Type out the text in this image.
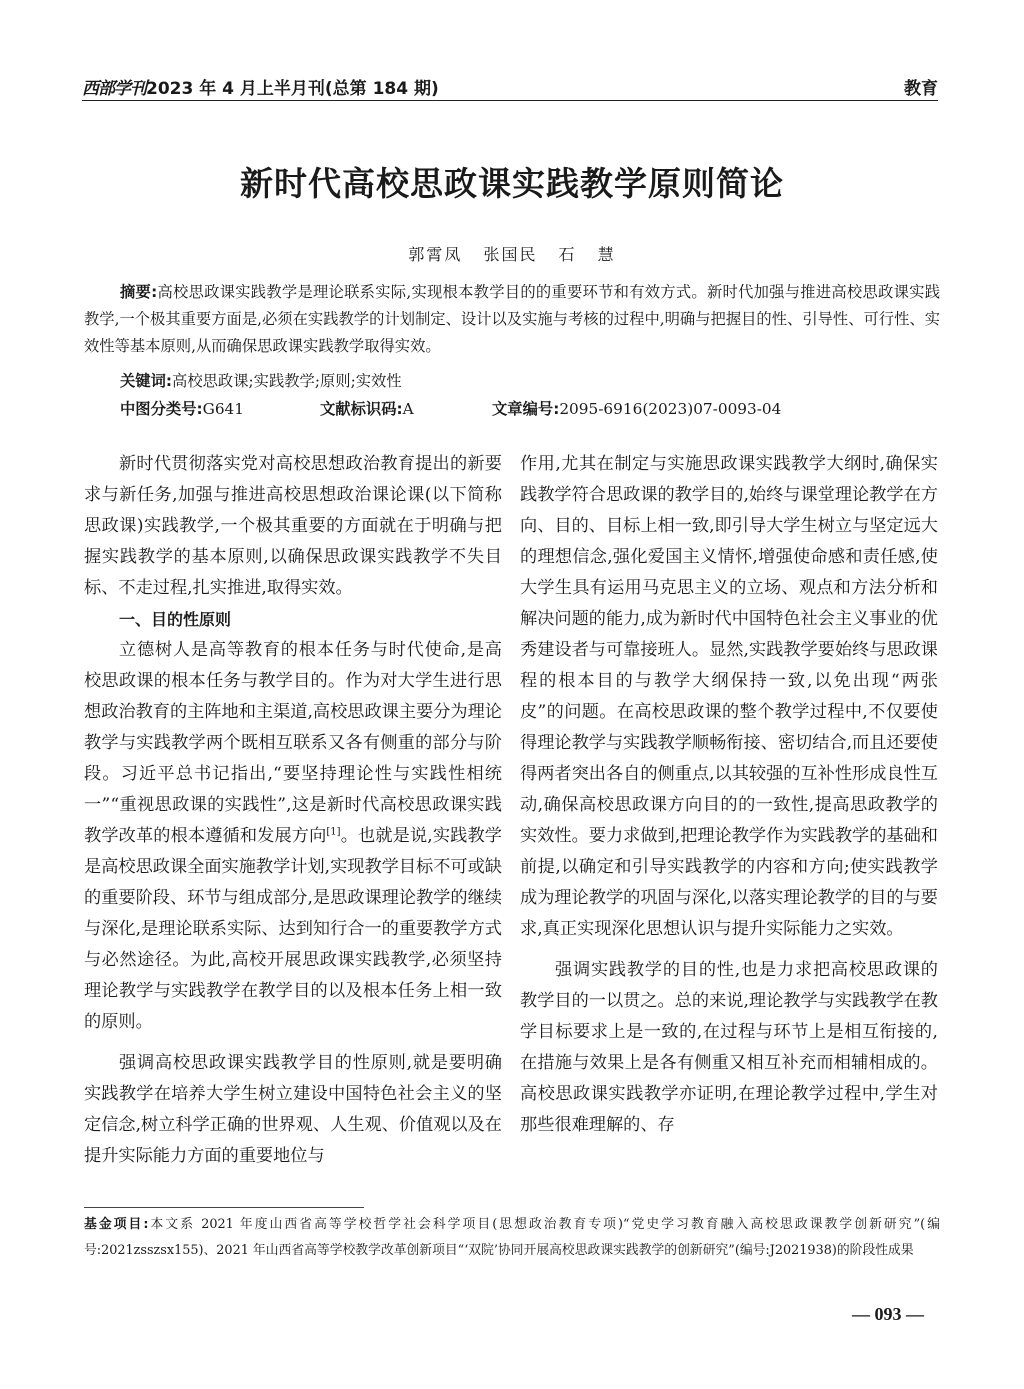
西部学刊2023 年 4 月上半月刊(总第 184 期)	教育
新时代高校思政课实践教学原则简论
郭霄凤 张国民 石 慧
摘要:高校思政课实践教学是理论联系实际,实现根本教学目的的重要环节和有效方式。新时代加强与推进高校思政课实践教学,一个极其重要方面是,必须在实践教学的计划制定、设计以及实施与考核的过程中,明确与把握目的性、引导性、可行性、实效性等基本原则,从而确保思政课实践教学取得实效。
关键词:高校思政课;实践教学;原则;实效性
中图分类号:G641	文献标识码:A	文章编号:2095-6916(2023)07-0093-04

新时代贯彻落实党对高校思想政治教育提出的新要求与新任务,加强与推进高校思想政治课论课(以下简称思政课)实践教学,一个极其重要的方面就在于明确与把握实践教学的基本原则,以确保思政课实践教学不失目标、不走过程,扎实推进,取得实效。

一、目的性原则

立德树人是高等教育的根本任务与时代使命,是高校思政课的根本任务与教学目的。作为对大学生进行思想政治教育的主阵地和主渠道,高校思政课主要分为理论教学与实践教学两个既相互联系又各有侧重的部分与阶段。习近平总书记指出,“要坚持理论性与实践性相统一”“重视思政课的实践性”,这是新时代高校思政课实践教学改革的根本遵循和发展方向[1]。也就是说,实践教学是高校思政课全面实施教学计划,实现教学目标不可或缺的重要阶段、环节与组成部分,是思政课理论教学的继续与深化,是理论联系实际、达到知行合一的重要教学方式与必然途径。为此,高校开展思政课实践教学,必须坚持理论教学与实践教学在教学目的以及根本任务上相一致的原则。

强调高校思政课实践教学目的性原则,就是要明确实践教学在培养大学生树立建设中国特色社会主义的坚定信念,树立科学正确的世界观、人生观、价值观以及在提升实际能力方面的重要地位与

作用,尤其在制定与实施思政课实践教学大纲时,确保实践教学符合思政课的教学目的,始终与课堂理论教学在方向、目的、目标上相一致,即引导大学生树立与坚定远大的理想信念,强化爱国主义情怀,增强使命感和责任感,使大学生具有运用马克思主义的立场、观点和方法分析和解决问题的能力,成为新时代中国特色社会主义事业的优秀建设者与可靠接班人。显然,实践教学要始终与思政课程的根本目的与教学大纲保持一致,以免出现“两张皮”的问题。在高校思政课的整个教学过程中,不仅要使得理论教学与实践教学顺畅衔接、密切结合,而且还要使得两者突出各自的侧重点,以其较强的互补性形成良性互动,确保高校思政课方向目的的一致性,提高思政教学的实效性。要力求做到,把理论教学作为实践教学的基础和前提,以确定和引导实践教学的内容和方向;使实践教学成为理论教学的巩固与深化,以落实理论教学的目的与要求,真正实现深化思想认识与提升实际能力之实效。

强调实践教学的目的性,也是力求把高校思政课的教学目的一以贯之。总的来说,理论教学与实践教学在教学目标要求上是一致的,在过程与环节上是相互衔接的,在措施与效果上是各有侧重又相互补充而相辅相成的。高校思政课实践教学亦证明,在理论教学过程中,学生对那些很难理解的、存

基金项目:本文系 2021 年度山西省高等学校哲学社会科学项目(思想政治教育专项)“党史学习教育融入高校思政课教学创新研究”(编号:2021zsszsx155)、2021 年山西省高等学校教学改革创新项目“‘双院’协同开展高校思政课实践教学的创新研究”(编号:J2021938)的阶段性成果
— 093 —
